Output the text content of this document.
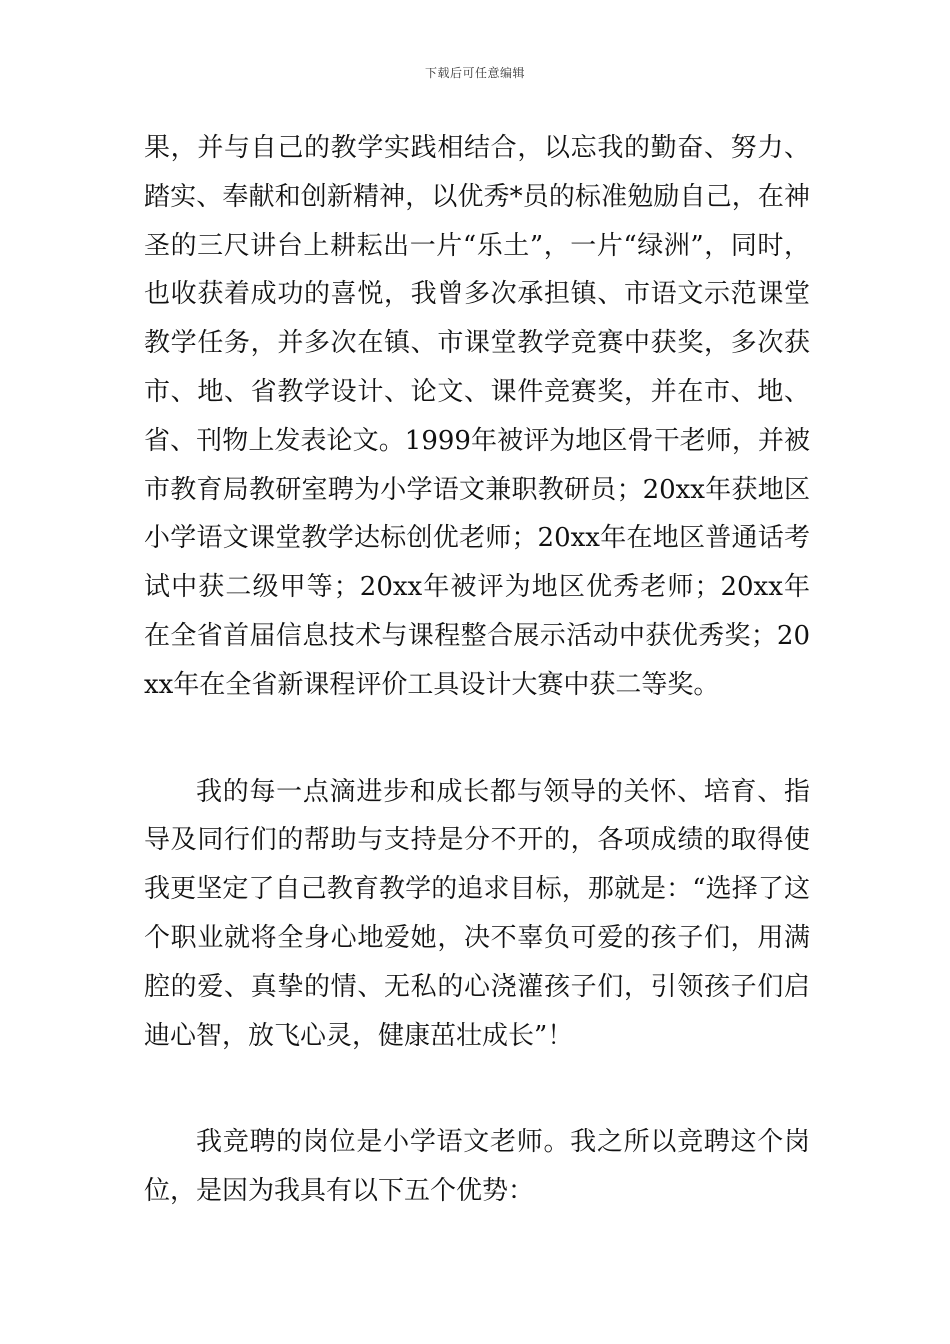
下载后可任意编辑

果，并与自己的教学实践相结合，以忘我的勤奋、努力、踏实、奉献和创新精神，以优秀*员的标准勉励自己，在神圣的三尺讲台上耕耘出一片“乐土”，一片“绿洲”，同时，也收获着成功的喜悦，我曾多次承担镇、市语文示范课堂教学任务，并多次在镇、市课堂教学竞赛中获奖，多次获市、地、省教学设计、论文、课件竞赛奖，并在市、地、省、刊物上发表论文。1999年被评为地区骨干老师，并被市教育局教研室聘为小学语文兼职教研员；20xx年获地区小学语文课堂教学达标创优老师；20xx年在地区普通话考试中获二级甲等；20xx年被评为地区优秀老师；20xx年在全省首届信息技术与课程整合展示活动中获优秀奖；20xx年在全省新课程评价工具设计大赛中获二等奖。

我的每一点滴进步和成长都与领导的关怀、培育、指导及同行们的帮助与支持是分不开的，各项成绩的取得使我更坚定了自己教育教学的追求目标，那就是：“选择了这个职业就将全身心地爱她，决不辜负可爱的孩子们，用满腔的爱、真挚的情、无私的心浇灌孩子们，引领孩子们启迪心智，放飞心灵，健康茁壮成长”！

我竞聘的岗位是小学语文老师。我之所以竞聘这个岗位，是因为我具有以下五个优势：
